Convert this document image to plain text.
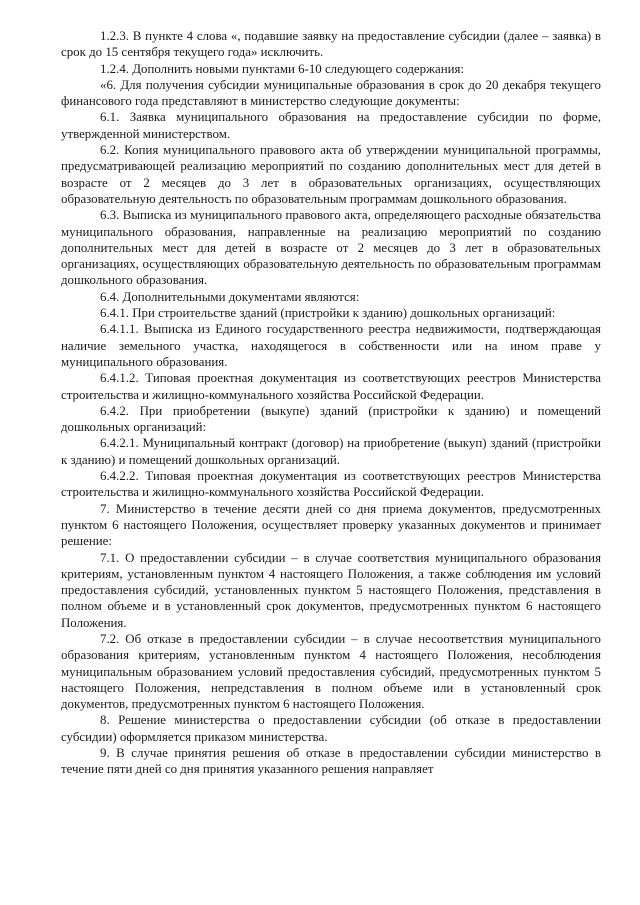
1.2.3. В пункте 4 слова «, подавшие заявку на предоставление субсидии (далее – заявка) в срок до 15 сентября текущего года» исключить.

1.2.4. Дополнить новыми пунктами 6-10 следующего содержания:

«6. Для получения субсидии муниципальные образования в срок до 20 декабря текущего финансового года представляют в министерство следующие документы:

6.1. Заявка муниципального образования на предоставление субсидии по форме, утвержденной министерством.

6.2. Копия муниципального правового акта об утверждении муниципальной программы, предусматривающей реализацию мероприятий по созданию дополнительных мест для детей в возрасте от 2 месяцев до 3 лет в образовательных организациях, осуществляющих образовательную деятельность по образовательным программам дошкольного образования.

6.3. Выписка из муниципального правового акта, определяющего расходные обязательства муниципального образования, направленные на реализацию мероприятий по созданию дополнительных мест для детей в возрасте от 2 месяцев до 3 лет в образовательных организациях, осуществляющих образовательную деятельность по образовательным программам дошкольного образования.

6.4. Дополнительными документами являются:

6.4.1. При строительстве зданий (пристройки к зданию) дошкольных организаций:

6.4.1.1. Выписка из Единого государственного реестра недвижимости, подтверждающая наличие земельного участка, находящегося в собственности или на ином праве у муниципального образования.

6.4.1.2. Типовая проектная документация из соответствующих реестров Министерства строительства и жилищно-коммунального хозяйства Российской Федерации.

6.4.2. При приобретении (выкупе) зданий (пристройки к зданию) и помещений дошкольных организаций:

6.4.2.1. Муниципальный контракт (договор) на приобретение (выкуп) зданий (пристройки к зданию) и помещений дошкольных организаций.

6.4.2.2. Типовая проектная документация из соответствующих реестров Министерства строительства и жилищно-коммунального хозяйства Российской Федерации.

7. Министерство в течение десяти дней со дня приема документов, предусмотренных пунктом 6 настоящего Положения, осуществляет проверку указанных документов и принимает решение:

7.1. О предоставлении субсидии – в случае соответствия муниципального образования критериям, установленным пунктом 4 настоящего Положения, а также соблюдения им условий предоставления субсидий, установленных пунктом 5 настоящего Положения, представления в полном объеме и в установленный срок документов, предусмотренных пунктом 6 настоящего Положения.

7.2. Об отказе в предоставлении субсидии – в случае несоответствия муниципального образования критериям, установленным пунктом 4 настоящего Положения, несоблюдения муниципальным образованием условий предоставления субсидий, предусмотренных пунктом 5 настоящего Положения, непредставления в полном объеме или в установленный срок документов, предусмотренных пунктом 6 настоящего Положения.

8. Решение министерства о предоставлении субсидии (об отказе в предоставлении субсидии) оформляется приказом министерства.

9. В случае принятия решения об отказе в предоставлении субсидии министерство в течение пяти дней со дня принятия указанного решения направляет
